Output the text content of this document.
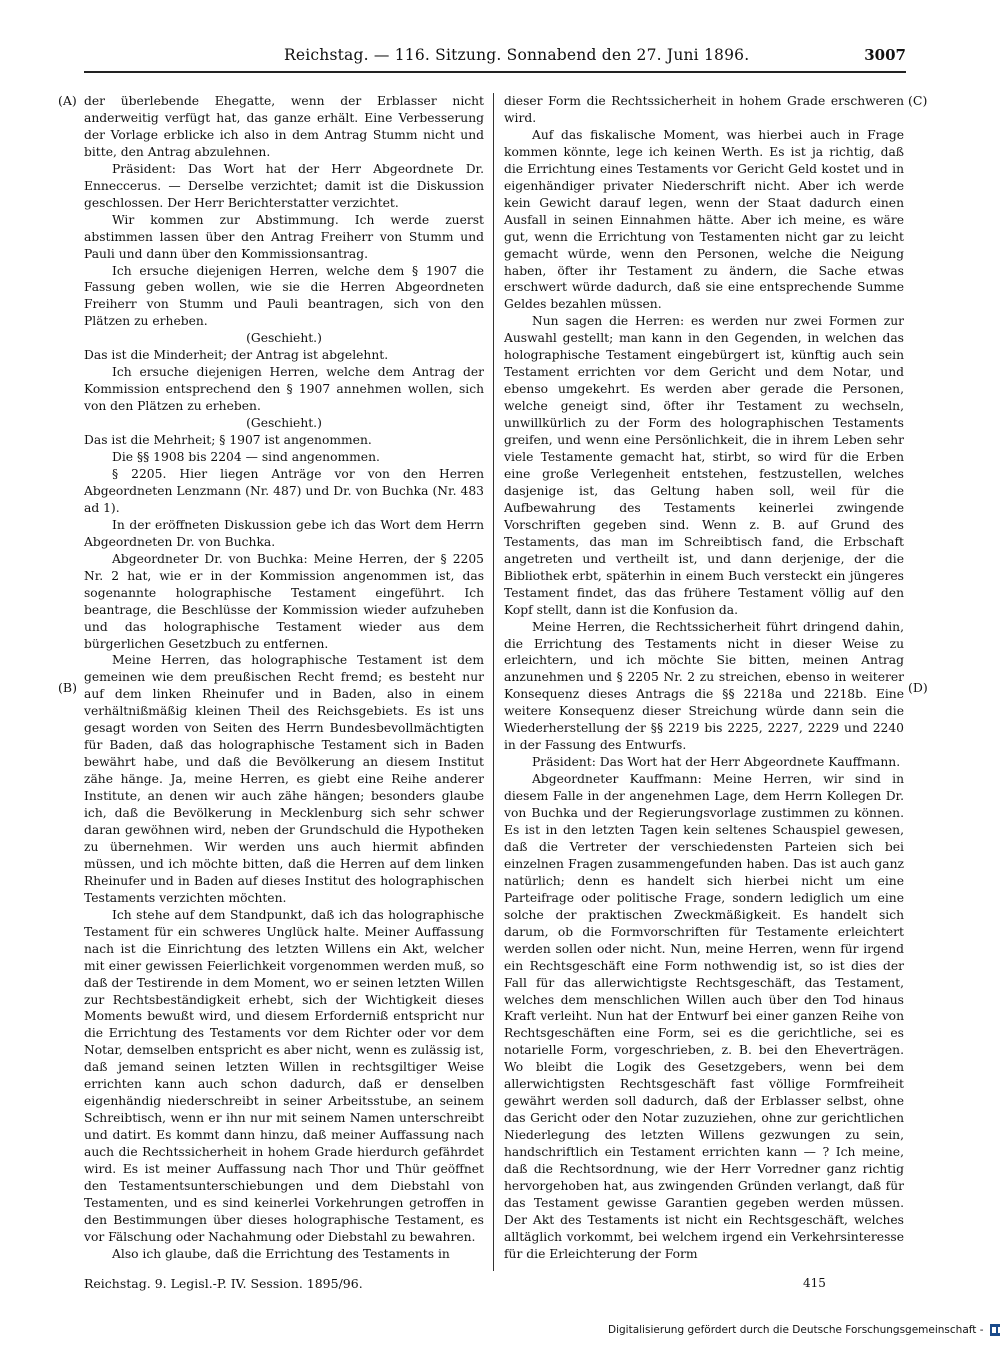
Reichstag. — 116. Sitzung. Sonnabend den 27. Juni 1896.	3007
(A)
(B)
(C)
(D)

der überlebende Ehegatte, wenn der Erblasser nicht anderweitig verfügt hat, das ganze erhält. Eine Verbesserung der Vorlage erblicke ich also in dem Antrag Stumm nicht und bitte, den Antrag abzulehnen.

Präsident: Das Wort hat der Herr Abgeordnete Dr. Enneccerus. — Derselbe verzichtet; damit ist die Diskussion geschlossen. Der Herr Berichterstatter verzichtet.

Wir kommen zur Abstimmung. Ich werde zuerst abstimmen lassen über den Antrag Freiherr von Stumm und Pauli und dann über den Kommissionsantrag.

Ich ersuche diejenigen Herren, welche dem § 1907 die Fassung geben wollen, wie sie die Herren Abgeordneten Freiherr von Stumm und Pauli beantragen, sich von den Plätzen zu erheben.

(Geschieht.)

Das ist die Minderheit; der Antrag ist abgelehnt.

Ich ersuche diejenigen Herren, welche dem Antrag der Kommission entsprechend den § 1907 annehmen wollen, sich von den Plätzen zu erheben.

(Geschieht.)

Das ist die Mehrheit; § 1907 ist angenommen.

Die §§ 1908 bis 2204 — sind angenommen.

§ 2205. Hier liegen Anträge vor von den Herren Abgeordneten Lenzmann (Nr. 487) und Dr. von Buchka (Nr. 483 ad 1).

In der eröffneten Diskussion gebe ich das Wort dem Herrn Abgeordneten Dr. von Buchka.

Abgeordneter Dr. von Buchka: Meine Herren, der § 2205 Nr. 2 hat, wie er in der Kommission angenommen ist, das sogenannte holographische Testament eingeführt. Ich beantrage, die Beschlüsse der Kommission wieder aufzuheben und das holographische Testament wieder aus dem bürgerlichen Gesetzbuch zu entfernen.

Meine Herren, das holographische Testament ist dem gemeinen wie dem preußischen Recht fremd; es besteht nur auf dem linken Rheinufer und in Baden, also in einem verhältnißmäßig kleinen Theil des Reichsgebiets. Es ist uns gesagt worden von Seiten des Herrn Bundesbevollmächtigten für Baden, daß das holographische Testament sich in Baden bewährt habe, und daß die Bevölkerung an diesem Institut zähe hänge. Ja, meine Herren, es giebt eine Reihe anderer Institute, an denen wir auch zähe hängen; besonders glaube ich, daß die Bevölkerung in Mecklenburg sich sehr schwer daran gewöhnen wird, neben der Grundschuld die Hypotheken zu übernehmen. Wir werden uns auch hiermit abfinden müssen, und ich möchte bitten, daß die Herren auf dem linken Rheinufer und in Baden auf dieses Institut des holographischen Testaments verzichten möchten.

Ich stehe auf dem Standpunkt, daß ich das holographische Testament für ein schweres Unglück halte. Meiner Auffassung nach ist die Einrichtung des letzten Willens ein Akt, welcher mit einer gewissen Feierlichkeit vorgenommen werden muß, so daß der Testirende in dem Moment, wo er seinen letzten Willen zur Rechtsbeständigkeit erhebt, sich der Wichtigkeit dieses Moments bewußt wird, und diesem Erforderniß entspricht nur die Errichtung des Testaments vor dem Richter oder vor dem Notar, demselben entspricht es aber nicht, wenn es zulässig ist, daß jemand seinen letzten Willen in rechtsgiltiger Weise errichten kann auch schon dadurch, daß er denselben eigenhändig niederschreibt in seiner Arbeitsstube, an seinem Schreibtisch, wenn er ihn nur mit seinem Namen unterschreibt und datirt. Es kommt dann hinzu, daß meiner Auffassung nach auch die Rechtssicherheit in hohem Grade hierdurch gefährdet wird. Es ist meiner Auffassung nach Thor und Thür geöffnet den Testamentsunterschiebungen und dem Diebstahl von Testamenten, und es sind keinerlei Vorkehrungen getroffen in den Bestimmungen über dieses holographische Testament, es vor Fälschung oder Nachahmung oder Diebstahl zu bewahren.

Also ich glaube, daß die Errichtung des Testaments in

dieser Form die Rechtssicherheit in hohem Grade erschweren wird.

Auf das fiskalische Moment, was hierbei auch in Frage kommen könnte, lege ich keinen Werth. Es ist ja richtig, daß die Errichtung eines Testaments vor Gericht Geld kostet und in eigenhändiger privater Niederschrift nicht. Aber ich werde kein Gewicht darauf legen, wenn der Staat dadurch einen Ausfall in seinen Einnahmen hätte. Aber ich meine, es wäre gut, wenn die Errichtung von Testamenten nicht gar zu leicht gemacht würde, wenn den Personen, welche die Neigung haben, öfter ihr Testament zu ändern, die Sache etwas erschwert würde dadurch, daß sie eine entsprechende Summe Geldes bezahlen müssen.

Nun sagen die Herren: es werden nur zwei Formen zur Auswahl gestellt; man kann in den Gegenden, in welchen das holographische Testament eingebürgert ist, künftig auch sein Testament errichten vor dem Gericht und dem Notar, und ebenso umgekehrt. Es werden aber gerade die Personen, welche geneigt sind, öfter ihr Testament zu wechseln, unwillkürlich zu der Form des holographischen Testaments greifen, und wenn eine Persönlichkeit, die in ihrem Leben sehr viele Testamente gemacht hat, stirbt, so wird für die Erben eine große Verlegenheit entstehen, festzustellen, welches dasjenige ist, das Geltung haben soll, weil für die Aufbewahrung des Testaments keinerlei zwingende Vorschriften gegeben sind. Wenn z. B. auf Grund des Testaments, das man im Schreibtisch fand, die Erbschaft angetreten und vertheilt ist, und dann derjenige, der die Bibliothek erbt, späterhin in einem Buch versteckt ein jüngeres Testament findet, das das frühere Testament völlig auf den Kopf stellt, dann ist die Konfusion da.

Meine Herren, die Rechtssicherheit führt dringend dahin, die Errichtung des Testaments nicht in dieser Weise zu erleichtern, und ich möchte Sie bitten, meinen Antrag anzunehmen und § 2205 Nr. 2 zu streichen, ebenso in weiterer Konsequenz dieses Antrags die §§ 2218a und 2218b. Eine weitere Konsequenz dieser Streichung würde dann sein die Wiederherstellung der §§ 2219 bis 2225, 2227, 2229 und 2240 in der Fassung des Entwurfs.

Präsident: Das Wort hat der Herr Abgeordnete Kauffmann.

Abgeordneter Kauffmann: Meine Herren, wir sind in diesem Falle in der angenehmen Lage, dem Herrn Kollegen Dr. von Buchka und der Regierungsvorlage zustimmen zu können. Es ist in den letzten Tagen kein seltenes Schauspiel gewesen, daß die Vertreter der verschiedensten Parteien sich bei einzelnen Fragen zusammengefunden haben. Das ist auch ganz natürlich; denn es handelt sich hierbei nicht um eine Parteifrage oder politische Frage, sondern lediglich um eine solche der praktischen Zweckmäßigkeit. Es handelt sich darum, ob die Formvorschriften für Testamente erleichtert werden sollen oder nicht. Nun, meine Herren, wenn für irgend ein Rechtsgeschäft eine Form nothwendig ist, so ist dies der Fall für das allerwichtigste Rechtsgeschäft, das Testament, welches dem menschlichen Willen auch über den Tod hinaus Kraft verleiht. Nun hat der Entwurf bei einer ganzen Reihe von Rechtsgeschäften eine Form, sei es die gerichtliche, sei es notarielle Form, vorgeschrieben, z. B. bei den Eheverträgen. Wo bleibt die Logik des Gesetzgebers, wenn bei dem allerwichtigsten Rechtsgeschäft fast völlige Formfreiheit gewährt werden soll dadurch, daß der Erblasser selbst, ohne das Gericht oder den Notar zuzuziehen, ohne zur gerichtlichen Niederlegung des letzten Willens gezwungen zu sein, handschriftlich ein Testament errichten kann — ? Ich meine, daß die Rechtsordnung, wie der Herr Vorredner ganz richtig hervorgehoben hat, aus zwingenden Gründen verlangt, daß für das Testament gewisse Garantien gegeben werden müssen. Der Akt des Testaments ist nicht ein Rechtsgeschäft, welches alltäglich vorkommt, bei welchem irgend ein Verkehrsinteresse für die Erleichterung der Form

Reichstag. 9. Legisl.-P. IV. Session. 1895/96.	415
Digitalisierung gefördert durch die Deutsche Forschungsgemeinschaft -
